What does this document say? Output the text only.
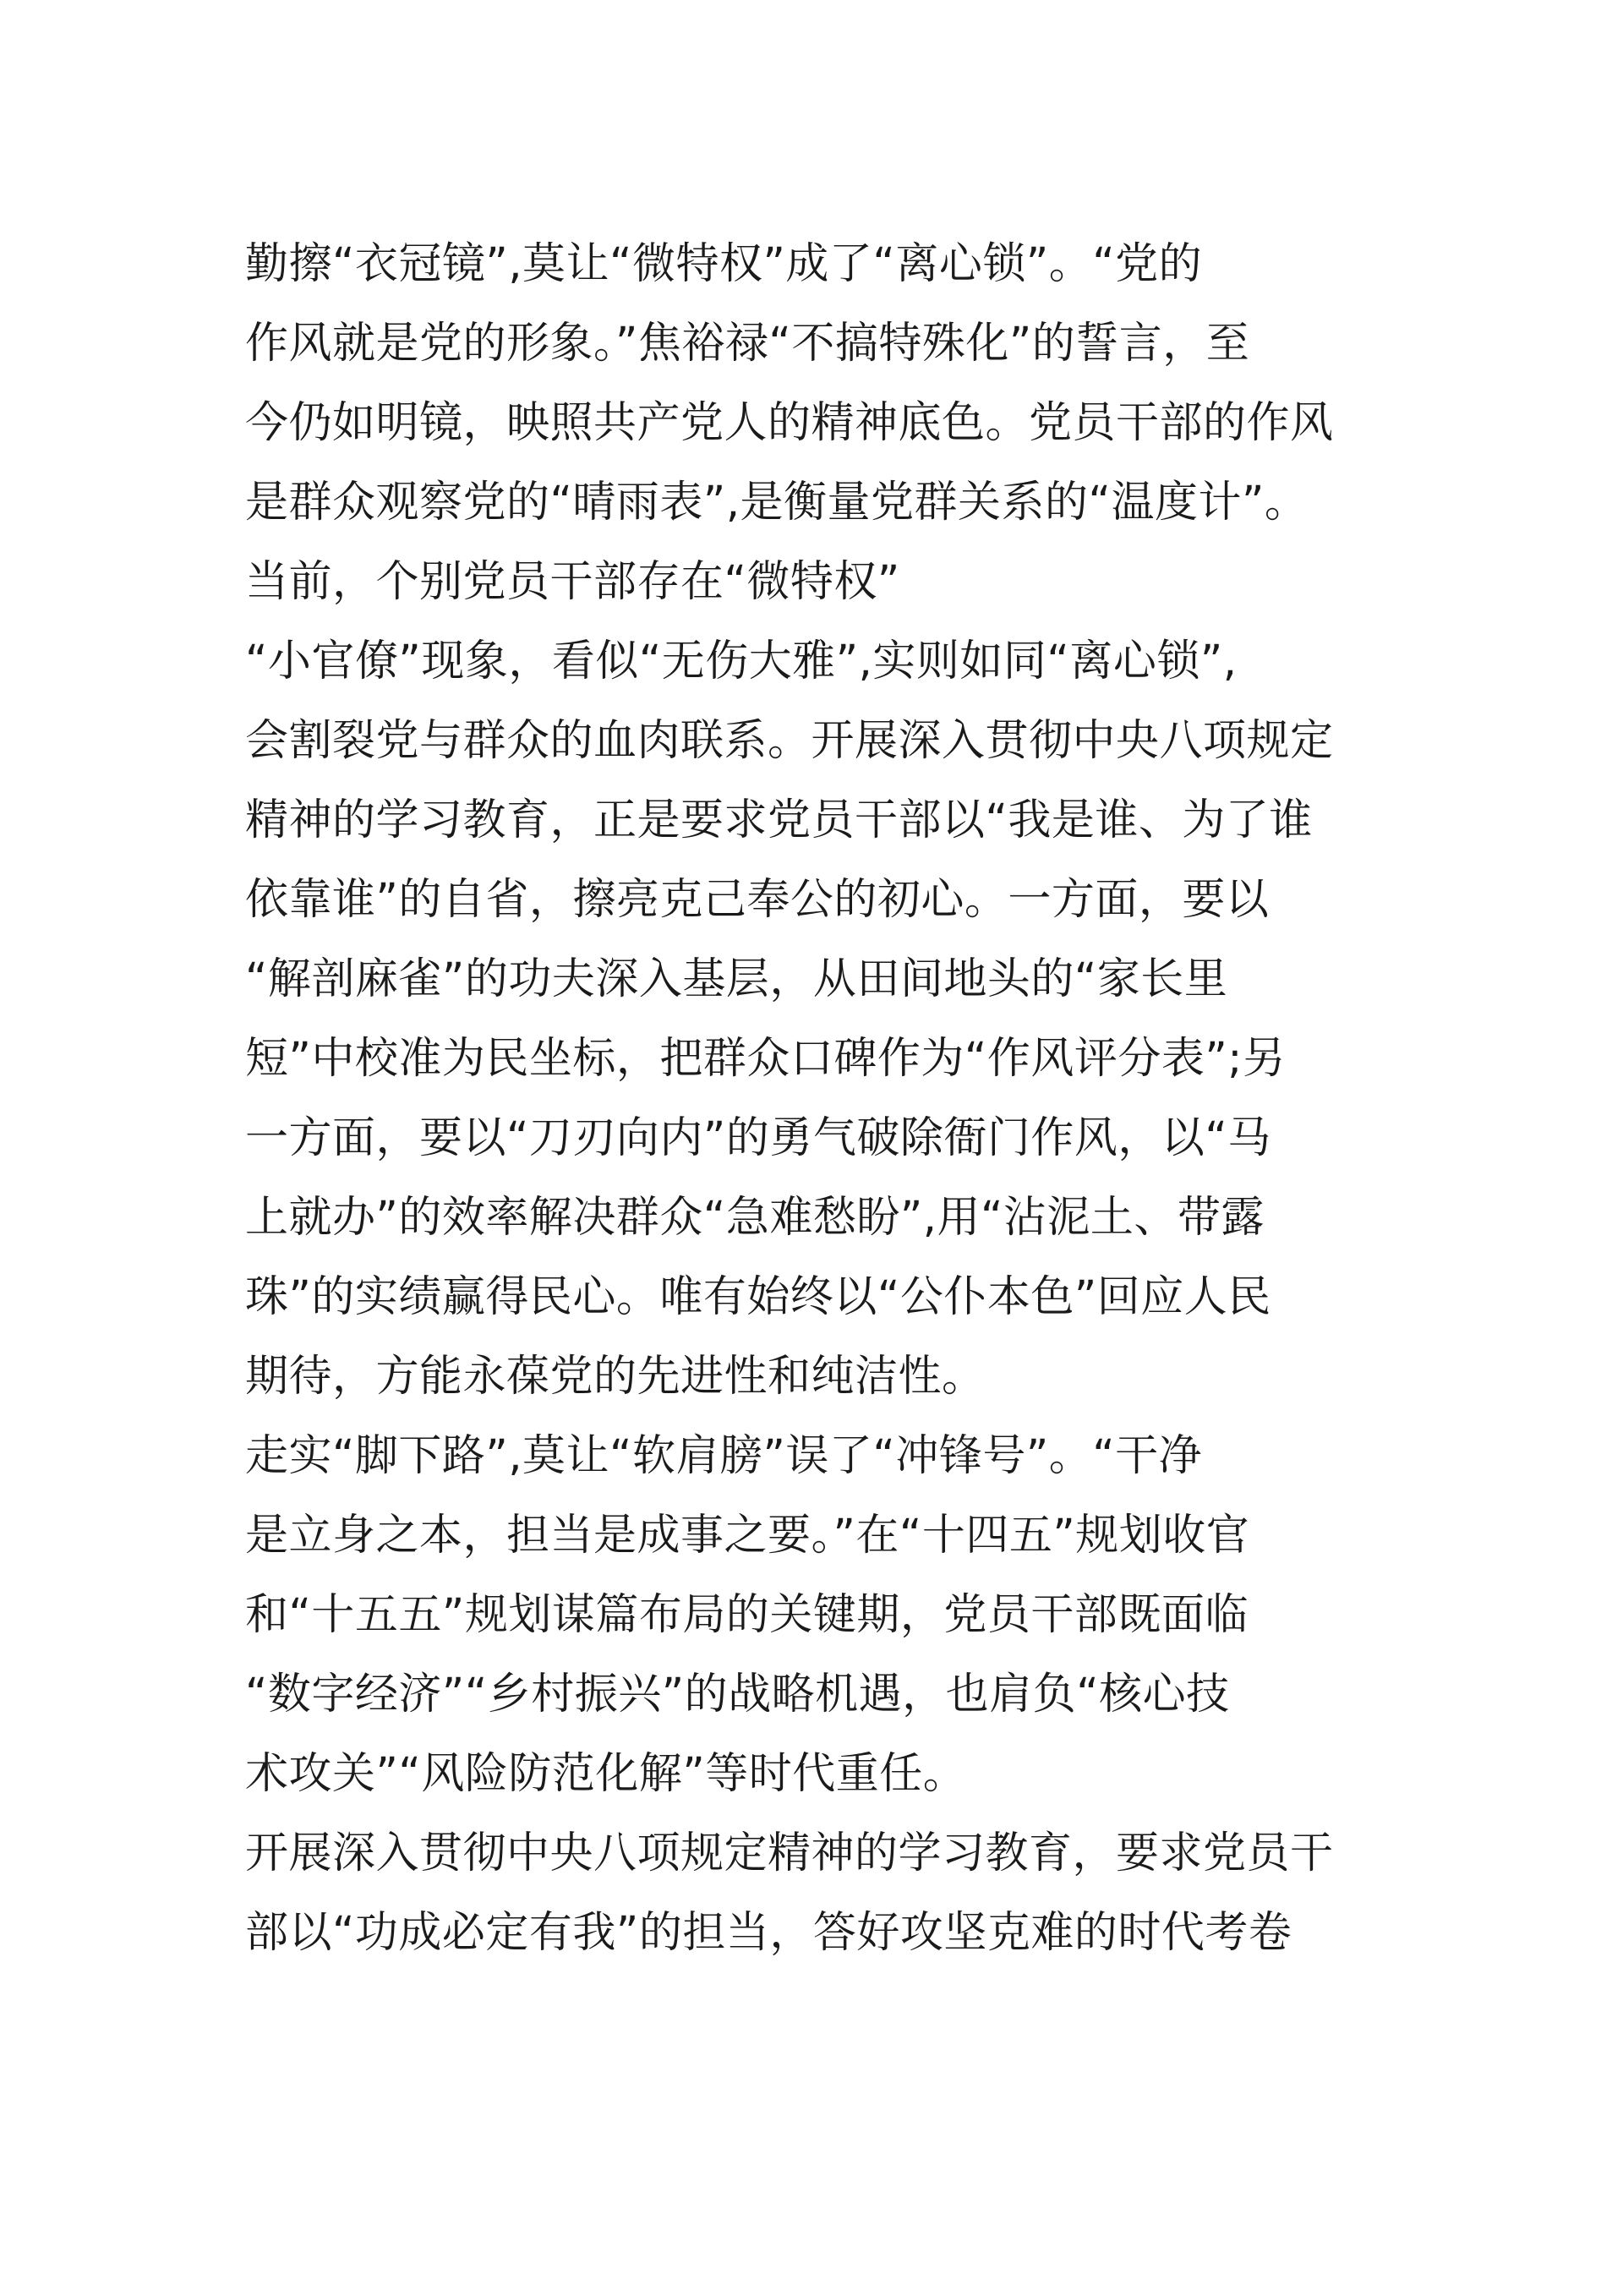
勤擦“衣冠镜”,莫让“微特权”成了“离心锁”。“党的
作风就是党的形象。”焦裕禄“不搞特殊化”的誓言，至
今仍如明镜，映照共产党人的精神底色。党员干部的作风
是群众观察党的“晴雨表”,是衡量党群关系的“温度计”。
当前，个别党员干部存在“微特权”
“小官僚”现象，看似“无伤大雅”,实则如同“离心锁”,
会割裂党与群众的血肉联系。开展深入贯彻中央八项规定
精神的学习教育，正是要求党员干部以“我是谁、为了谁
依靠谁”的自省，擦亮克己奉公的初心。一方面，要以
“解剖麻雀”的功夫深入基层，从田间地头的“家长里
短”中校准为民坐标，把群众口碑作为“作风评分表”;另
一方面，要以“刀刃向内”的勇气破除衙门作风，以“马
上就办”的效率解决群众“急难愁盼”,用“沾泥土、带露
珠”的实绩赢得民心。唯有始终以“公仆本色”回应人民
期待，方能永葆党的先进性和纯洁性。
走实“脚下路”,莫让“软肩膀”误了“冲锋号”。“干净
是立身之本，担当是成事之要。”在“十四五”规划收官
和“十五五”规划谋篇布局的关键期，党员干部既面临
“数字经济”“乡村振兴”的战略机遇，也肩负“核心技
术攻关”“风险防范化解”等时代重任。
开展深入贯彻中央八项规定精神的学习教育，要求党员干
部以“功成必定有我”的担当，答好攻坚克难的时代考卷
